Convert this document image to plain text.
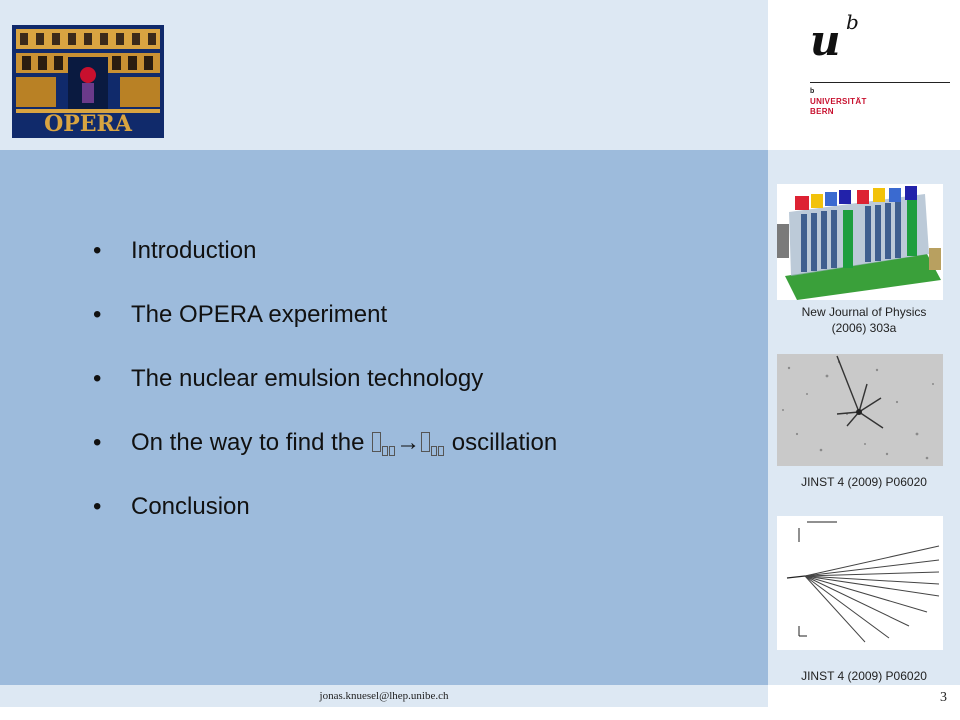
OPERA
u b
b
UNIVERSITÄT
BERN
• Introduction
• The OPERA experiment
• The nuclear emulsion technology
• On the way to find the → oscillation
• Conclusion
New Journal of Physics
(2006) 303a
JINST 4 (2009) P06020
JINST 4 (2009) P06020
jonas.knuesel@lhep.unibe.ch	3
